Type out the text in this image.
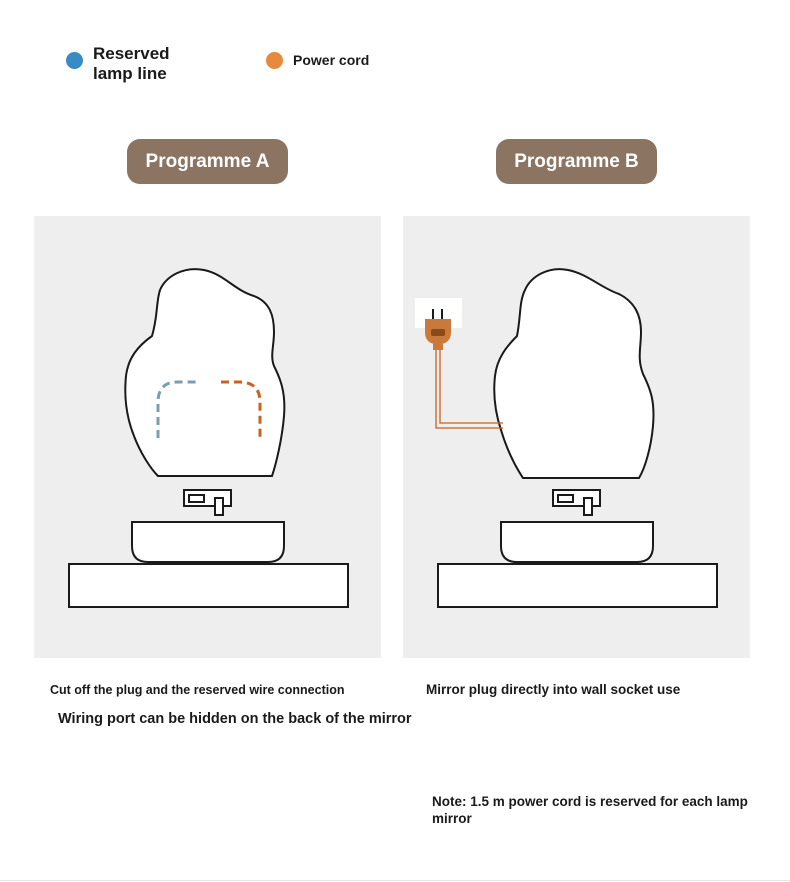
Reserved lamp line
Power cord
Programme A	Programme B
Cut off the plug and the reserved wire connection	Mirror plug directly into wall socket use
Wiring port can be hidden on the back of the mirror
Note: 1.5 m power cord is reserved for each lamp mirror
